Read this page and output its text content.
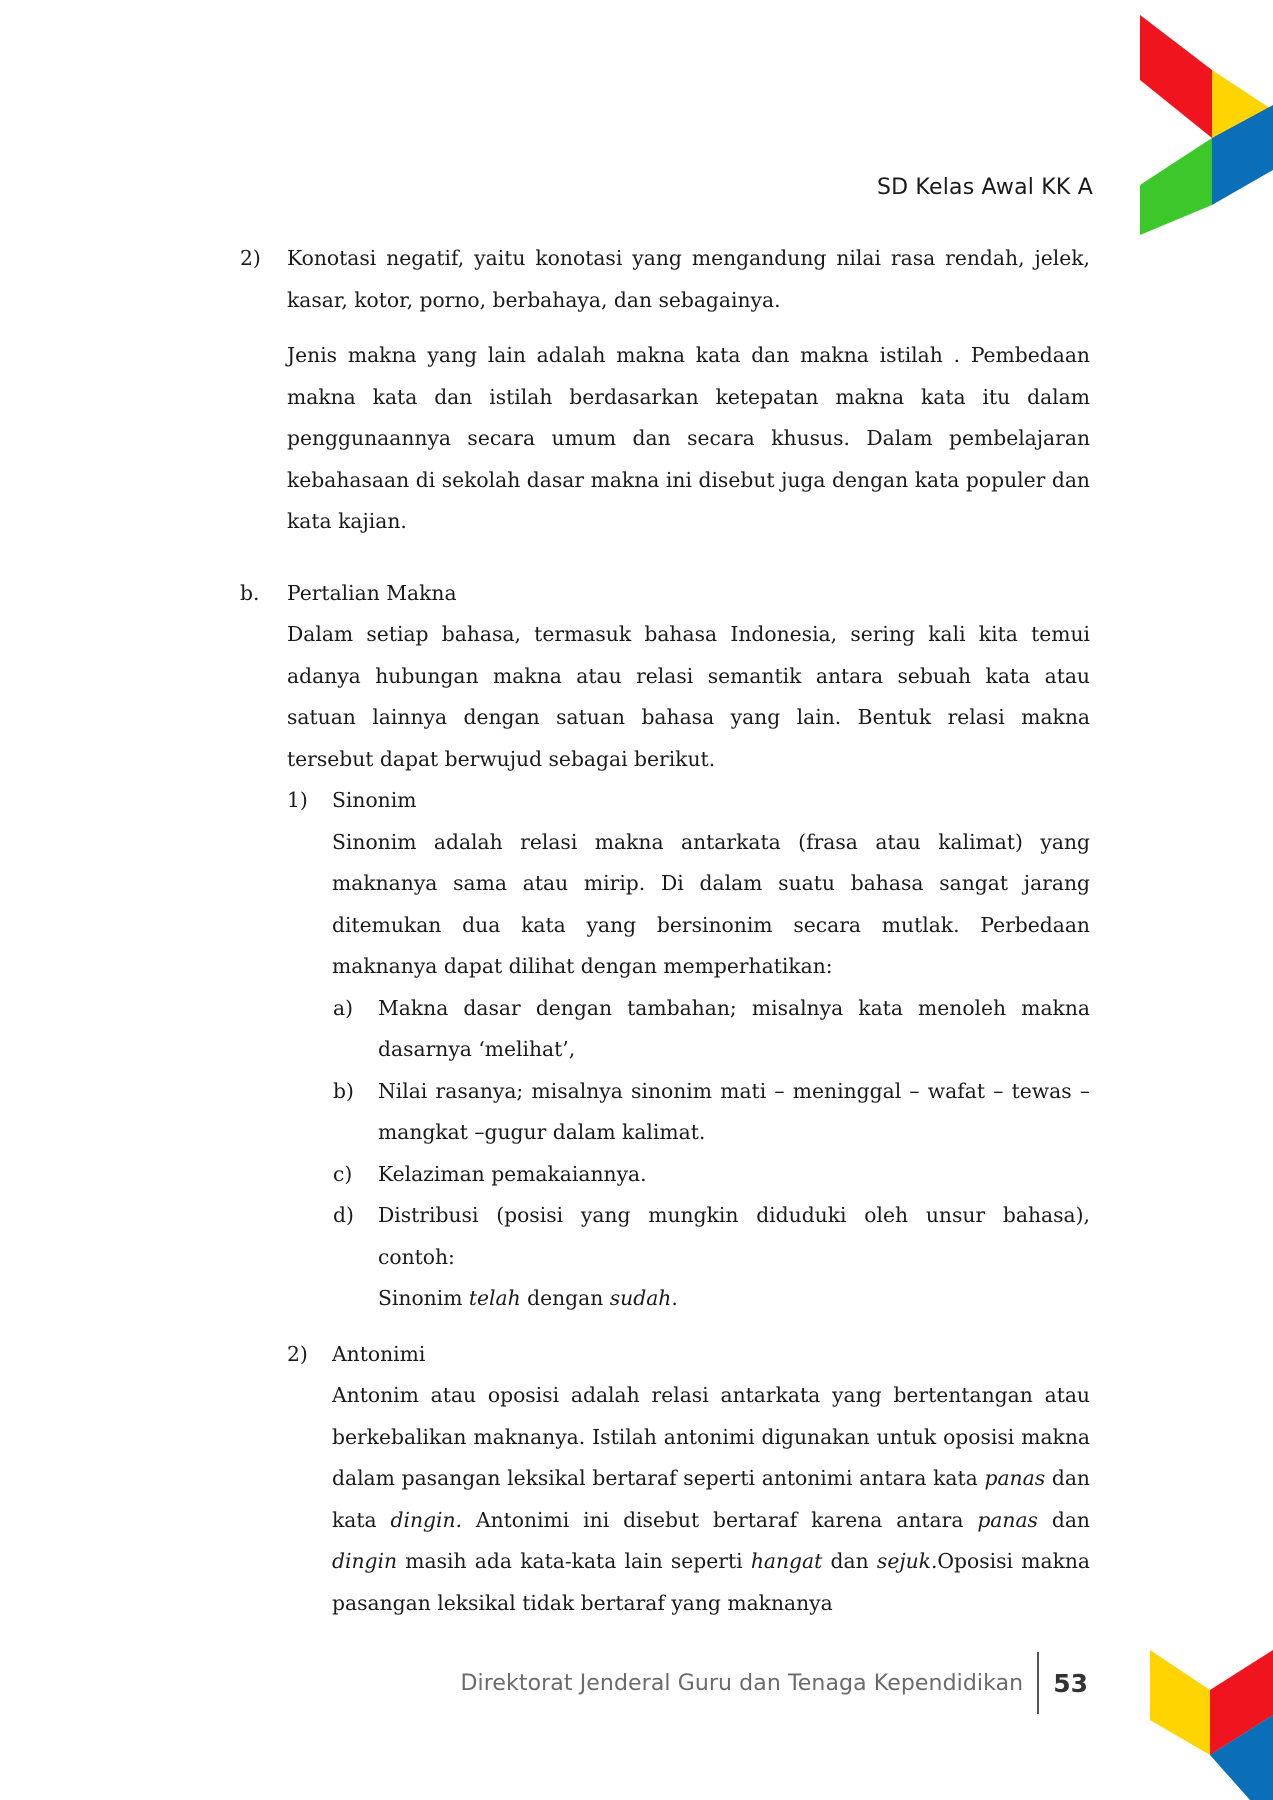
SD Kelas Awal KK A
2) Konotasi negatif, yaitu konotasi yang mengandung nilai rasa rendah, jelek, kasar, kotor, porno, berbahaya, dan sebagainya.

Jenis makna yang lain adalah makna kata dan makna istilah . Pembedaan makna kata dan istilah berdasarkan ketepatan makna kata itu dalam penggunaannya secara umum dan secara khusus. Dalam pembelajaran kebahasaan di sekolah dasar makna ini disebut juga dengan kata populer dan kata kajian.

b. Pertalian Makna

Dalam setiap bahasa, termasuk bahasa Indonesia, sering kali kita temui adanya hubungan makna atau relasi semantik antara sebuah kata atau satuan lainnya dengan satuan bahasa yang lain. Bentuk relasi makna tersebut dapat berwujud sebagai berikut.

1) Sinonim

Sinonim adalah relasi makna antarkata (frasa atau kalimat) yang maknanya sama atau mirip. Di dalam suatu bahasa sangat jarang ditemukan dua kata yang bersinonim secara mutlak. Perbedaan maknanya dapat dilihat dengan memperhatikan:

a) Makna dasar dengan tambahan; misalnya kata menoleh makna dasarnya ‘melihat’,

b) Nilai rasanya; misalnya sinonim mati – meninggal – wafat – tewas – mangkat –gugur dalam kalimat.

c) Kelaziman pemakaiannya.

d) Distribusi (posisi yang mungkin diduduki oleh unsur bahasa), contoh:

Sinonim telah dengan sudah.

2) Antonimi

Antonim atau oposisi adalah relasi antarkata yang bertentangan atau berkebalikan maknanya. Istilah antonimi digunakan untuk oposisi makna dalam pasangan leksikal bertaraf seperti antonimi antara kata panas dan kata dingin. Antonimi ini disebut bertaraf karena antara panas dan dingin masih ada kata-kata lain seperti hangat dan sejuk.Oposisi makna pasangan leksikal tidak bertaraf yang maknanya

Direktorat Jenderal Guru dan Tenaga Kependidikan	53
